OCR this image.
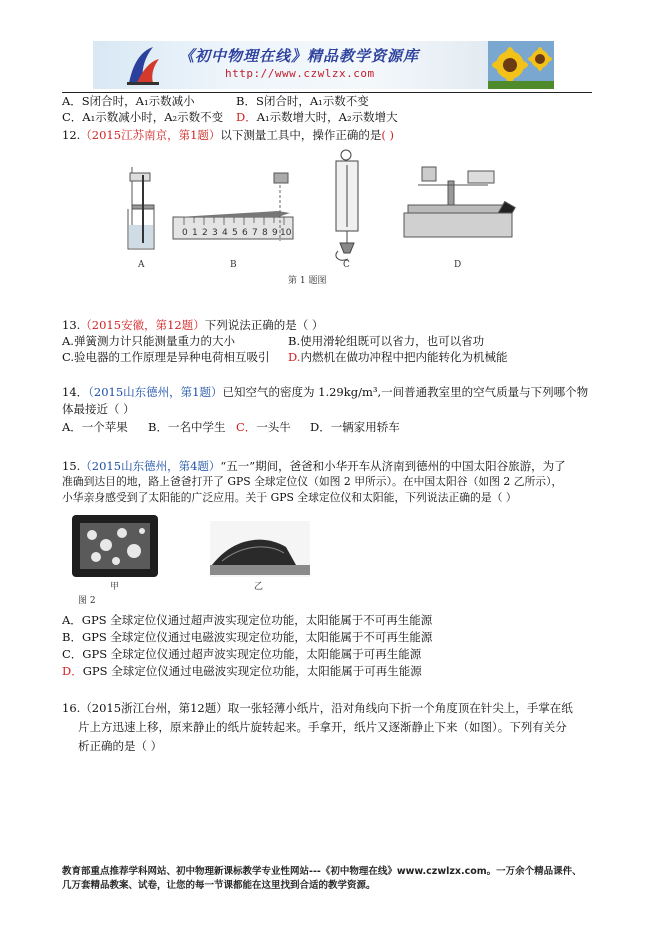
《初中物理在线》精品教学资源库
http://www.czwlzx.com
A．S闭合时，A₁示数减小	B．S闭合时，A₁示数不变
C．A₁示数减小时，A₂示数不变 D．A₁示数增大时，A₂示数增大
12.（2015江苏南京，第1题）以下测量工具中，操作正确的是( )
0 1 2 3 4 5 6 7 8 9 10
A	B	C	D
第 1 题图
13.（2015安徽，第12题）下列说法正确的是（ ）
A.弹簧测力计只能测量重力的大小	B.使用滑轮组既可以省力，也可以省功
C.验电器的工作原理是异种电荷相互吸引 D.内燃机在做功冲程中把内能转化为机械能
14．（2015山东德州，第1题）已知空气的密度为 1.29kg/m³,一间普通教室里的空气质量与下列哪个物
体最接近（ ）
A．一个苹果 B．一名中学生 C．一头牛 D．一辆家用轿车
15.（2015山东德州，第4题）“五一”期间，爸爸和小华开车从济南到德州的中国太阳谷旅游，为了
准确到达目的地，路上爸爸打开了 GPS 全球定位仪（如图 2 甲所示）。在中国太阳谷（如图 2 乙所示），
小华亲身感受到了太阳能的广泛应用。关于 GPS 全球定位仪和太阳能，下列说法正确的是（ ）
甲	乙
图 2
A．GPS 全球定位仪通过超声波实现定位功能，太阳能属于不可再生能源
B．GPS 全球定位仪通过电磁波实现定位功能，太阳能属于不可再生能源
C．GPS 全球定位仪通过超声波实现定位功能，太阳能属于可再生能源
D．GPS 全球定位仪通过电磁波实现定位功能，太阳能属于可再生能源
16.（2015浙江台州，第12题）取一张轻薄小纸片，沿对角线向下折一个角度顶在针尖上，手掌在纸
片上方迅速上移，原来静止的纸片旋转起来。手拿开，纸片又逐渐静止下来（如图）。下列有关分
析正确的是（ ）
教育部重点推荐学科网站、初中物理新课标教学专业性网站---《初中物理在线》www.czwlzx.com。一万余个精品课件、
几万套精品教案、试卷，让您的每一节课都能在这里找到合适的教学资源。
